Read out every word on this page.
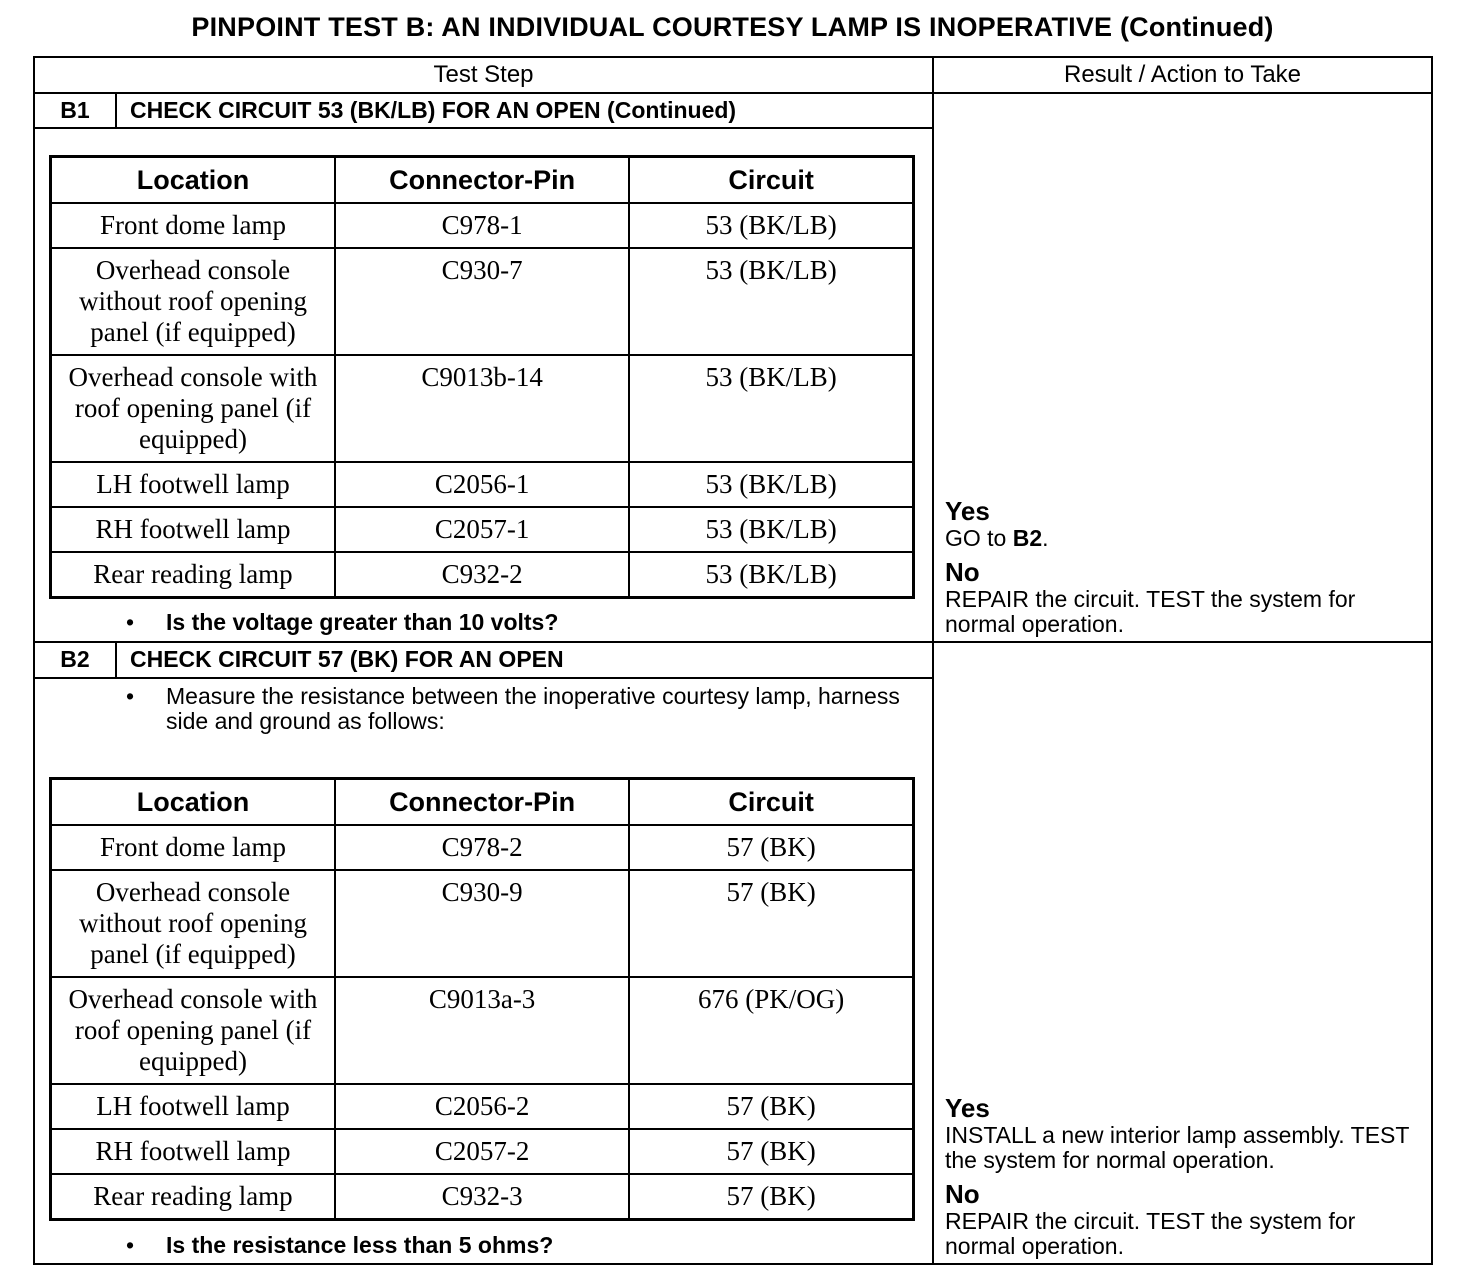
PINPOINT TEST B: AN INDIVIDUAL COURTESY LAMP IS INOPERATIVE (Continued)
Test Step	Result / Action to Take
B1	CHECK CIRCUIT 53 (BK/LB) FOR AN OPEN (Continued)
Location	Connector-Pin	Circuit
Front dome lamp	C978-1	53 (BK/LB)
Overhead console without roof opening panel (if equipped)	C930-7	53 (BK/LB)
Overhead console with roof opening panel (if equipped)	C9013b-14	53 (BK/LB)
LH footwell lamp	C2056-1	53 (BK/LB)
RH footwell lamp	C2057-1	53 (BK/LB)
Rear reading lamp	C932-2	53 (BK/LB)
• Is the voltage greater than 10 volts?
Yes
GO to B2.
No
REPAIR the circuit. TEST the system for normal operation.
B2	CHECK CIRCUIT 57 (BK) FOR AN OPEN
• Measure the resistance between the inoperative courtesy lamp, harness side and ground as follows:
Location	Connector-Pin	Circuit
Front dome lamp	C978-2	57 (BK)
Overhead console without roof opening panel (if equipped)	C930-9	57 (BK)
Overhead console with roof opening panel (if equipped)	C9013a-3	676 (PK/OG)
LH footwell lamp	C2056-2	57 (BK)
RH footwell lamp	C2057-2	57 (BK)
Rear reading lamp	C932-3	57 (BK)
• Is the resistance less than 5 ohms?
Yes
INSTALL a new interior lamp assembly. TEST the system for normal operation.
No
REPAIR the circuit. TEST the system for normal operation.
